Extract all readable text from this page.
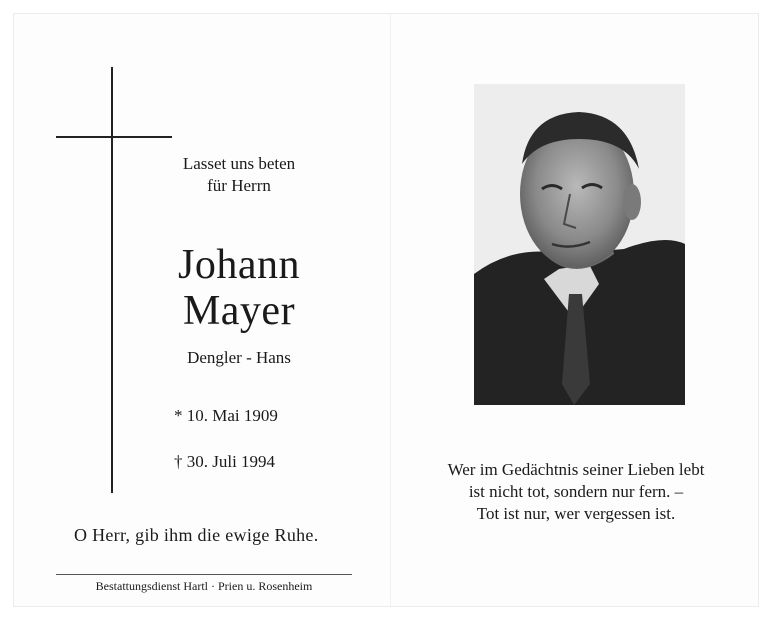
Lasset uns beten
für Herrn
Johann
Mayer
Dengler - Hans
* 10. Mai 1909
† 30. Juli 1994
O Herr, gib ihm die ewige Ruhe.
Bestattungsdienst Hartl · Prien u. Rosenheim
Wer im Gedächtnis seiner Lieben lebt
ist nicht tot, sondern nur fern. –
Tot ist nur, wer vergessen ist.
